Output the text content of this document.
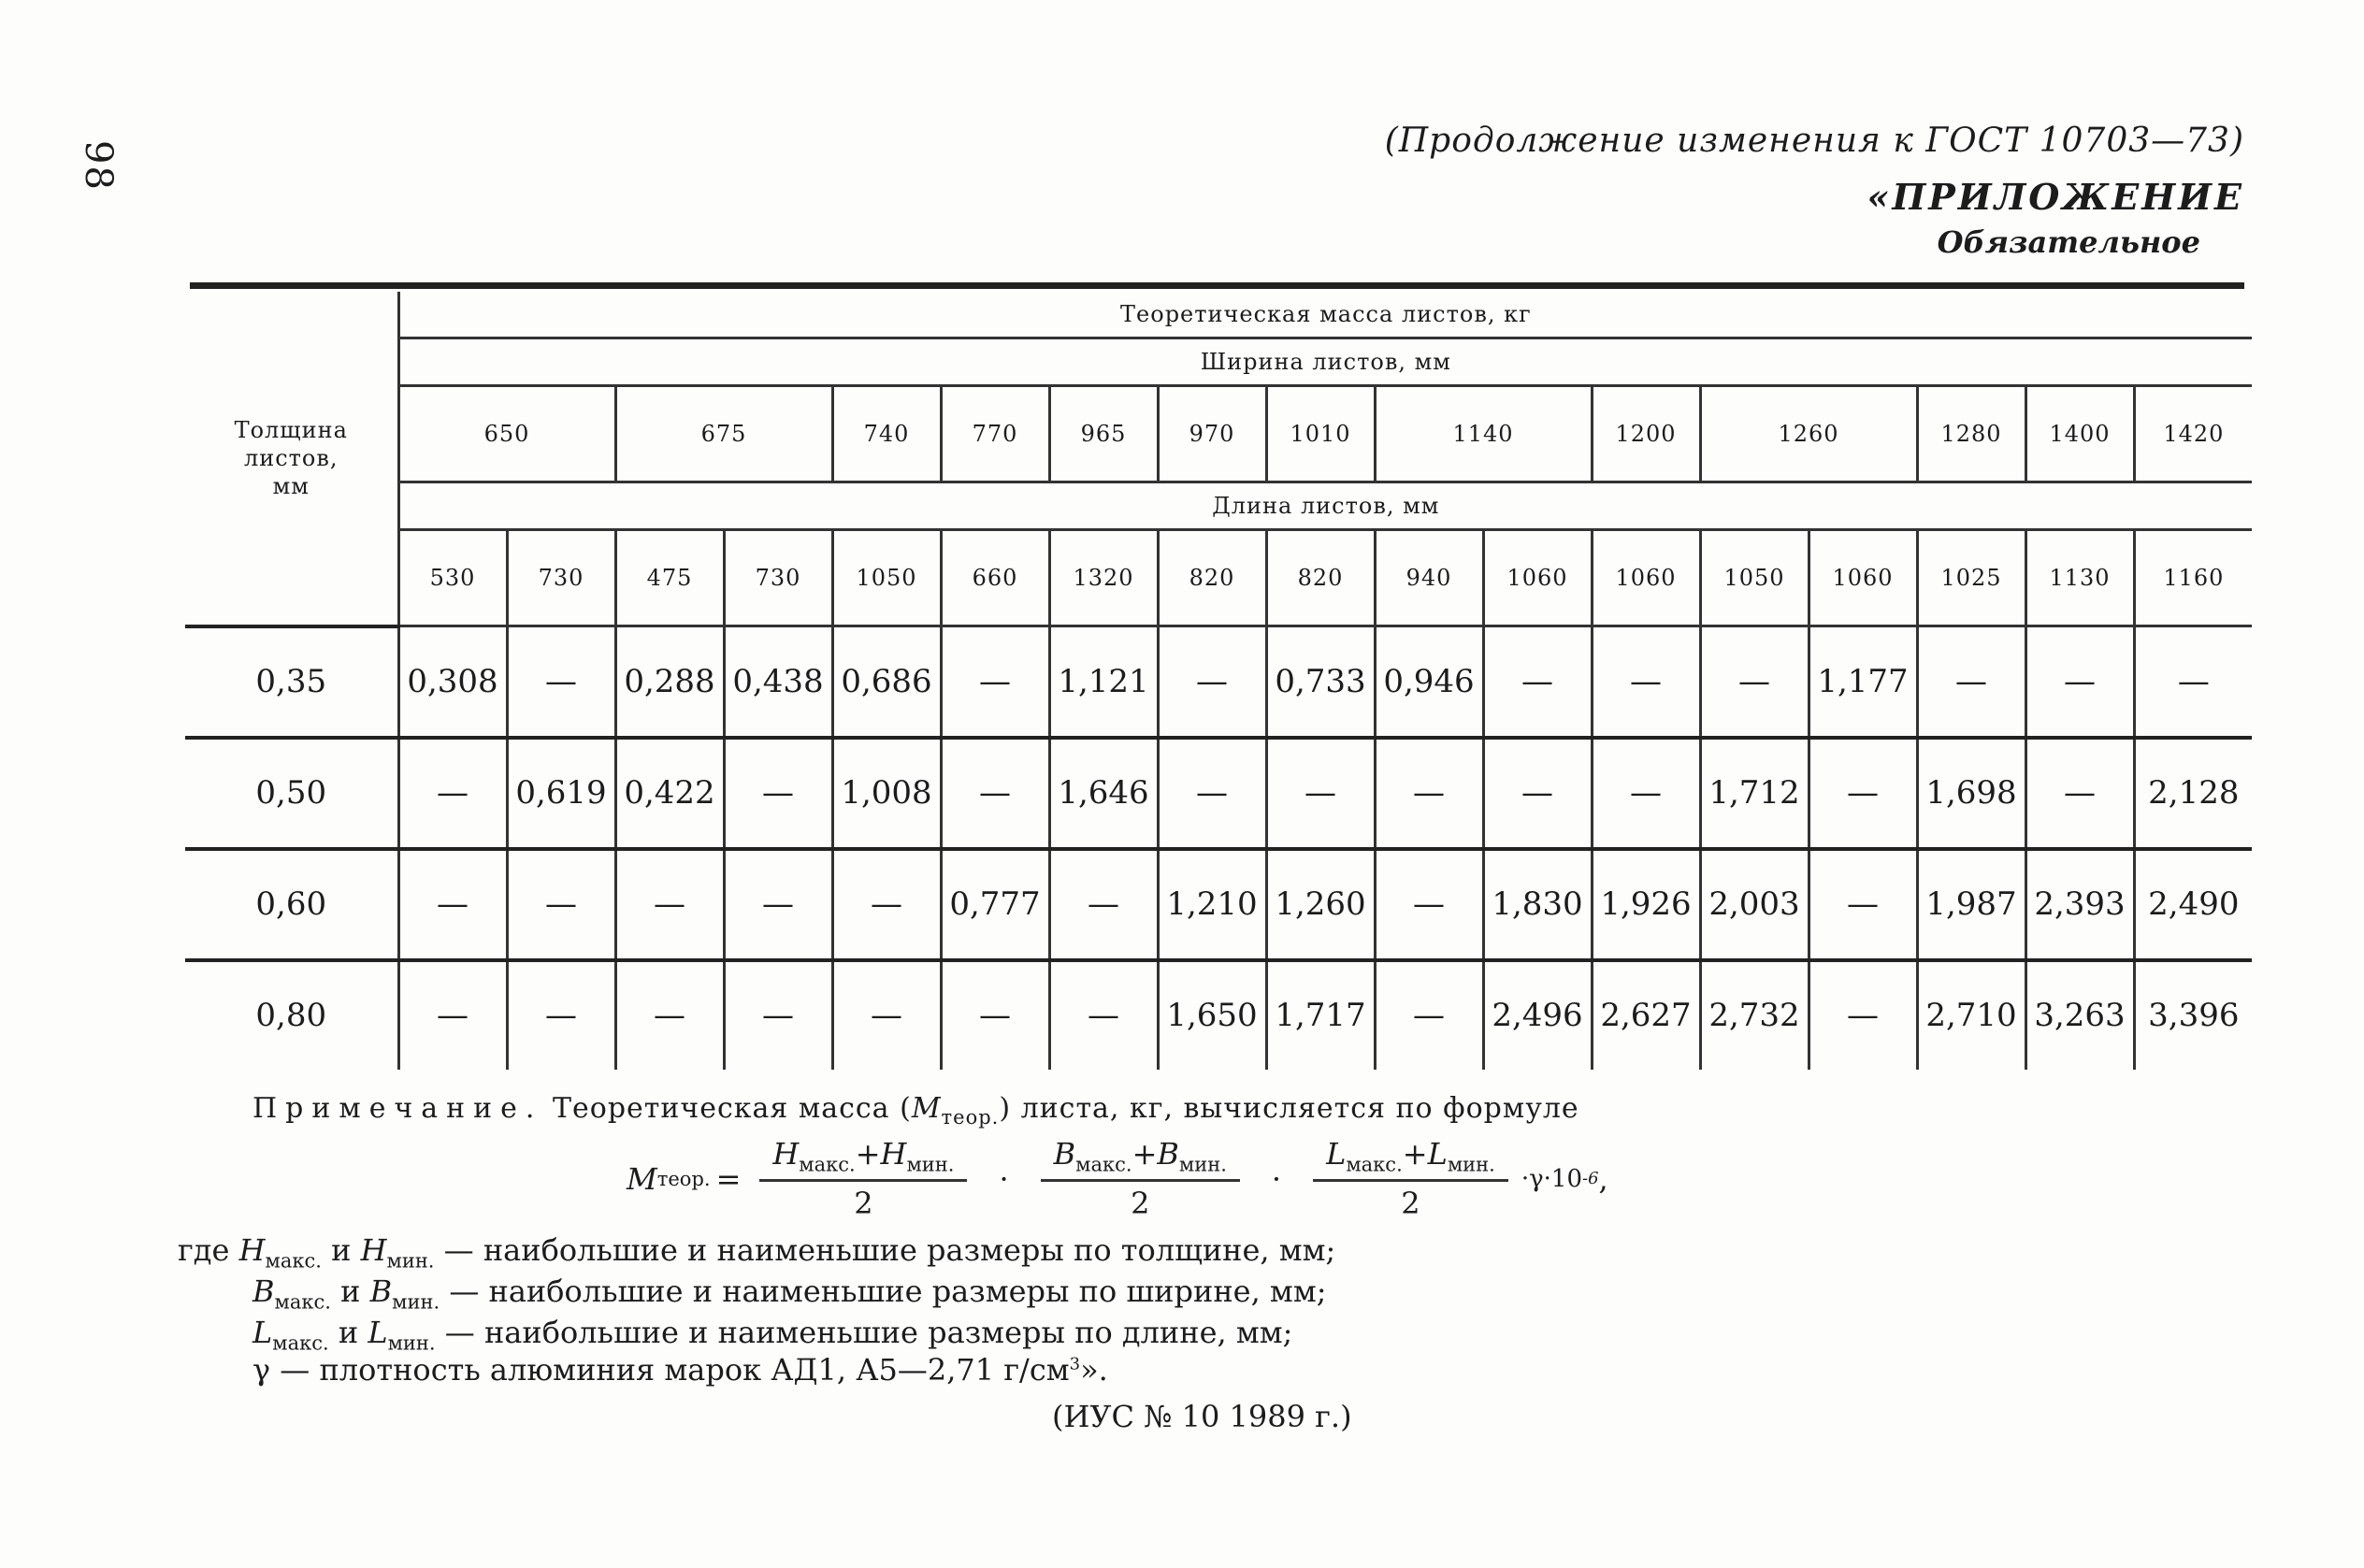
98	(Продолжение изменения к ГОСТ 10703—73)
«ПРИЛОЖЕНИЕ
Обязательное
Толщина
листов,
мм	Теоретическая масса листов, кг																
	Ширина листов, мм																
	650		675		740	770	965	970	1010	1140		1200	1260		1280	1400	1420
	Длина листов, мм																
	530	730	475	730	1050	660	1320	820	820	940	1060	1060	1050	1060	1025	1130	1160
0,35	0,308	—	0,288	0,438	0,686	—	1,121	—	0,733	0,946	—	—	—	1,177	—	—	—
0,50	—	0,619	0,422	—	1,008	—	1,646	—	—	—	—	—	1,712	—	1,698	—	2,128
0,60	—	—	—	—	—	0,777	—	1,210	1,260	—	1,830	1,926	2,003	—	1,987	2,393	2,490
0,80	—	—	—	—	—	—	—	1,650	1,717	—	2,496	2,627	2,732	—	2,710	3,263	3,396
Примечание. Теоретическая масса $(M_{теор.})$ листа, кг, вычисляется по формуле
M теор. = $\frac{H_{макс.}+H_{мин.}}{2} \cdot \frac{B_{макс.}+B_{мин.}}{2} \cdot \frac{L_{макс.}+L_{мин.}}{2} \cdot\gamma\cdot 10$ -6 ,
где $H_{макс.}$ и $H_{мин.}$ — наибольшие и наименьшие размеры по толщине, мм;
$B_{макс.}$ и $B_{мин.}$ — наибольшие и наименьшие размеры по ширине, мм;
$L_{макс.}$ и $L_{мин.}$ — наибольшие и наименьшие размеры по длине, мм;
γ — плотность алюминия марок АД1, А5—2,71 $г/см^3$».
(ИУС № 10 1989 г.)
